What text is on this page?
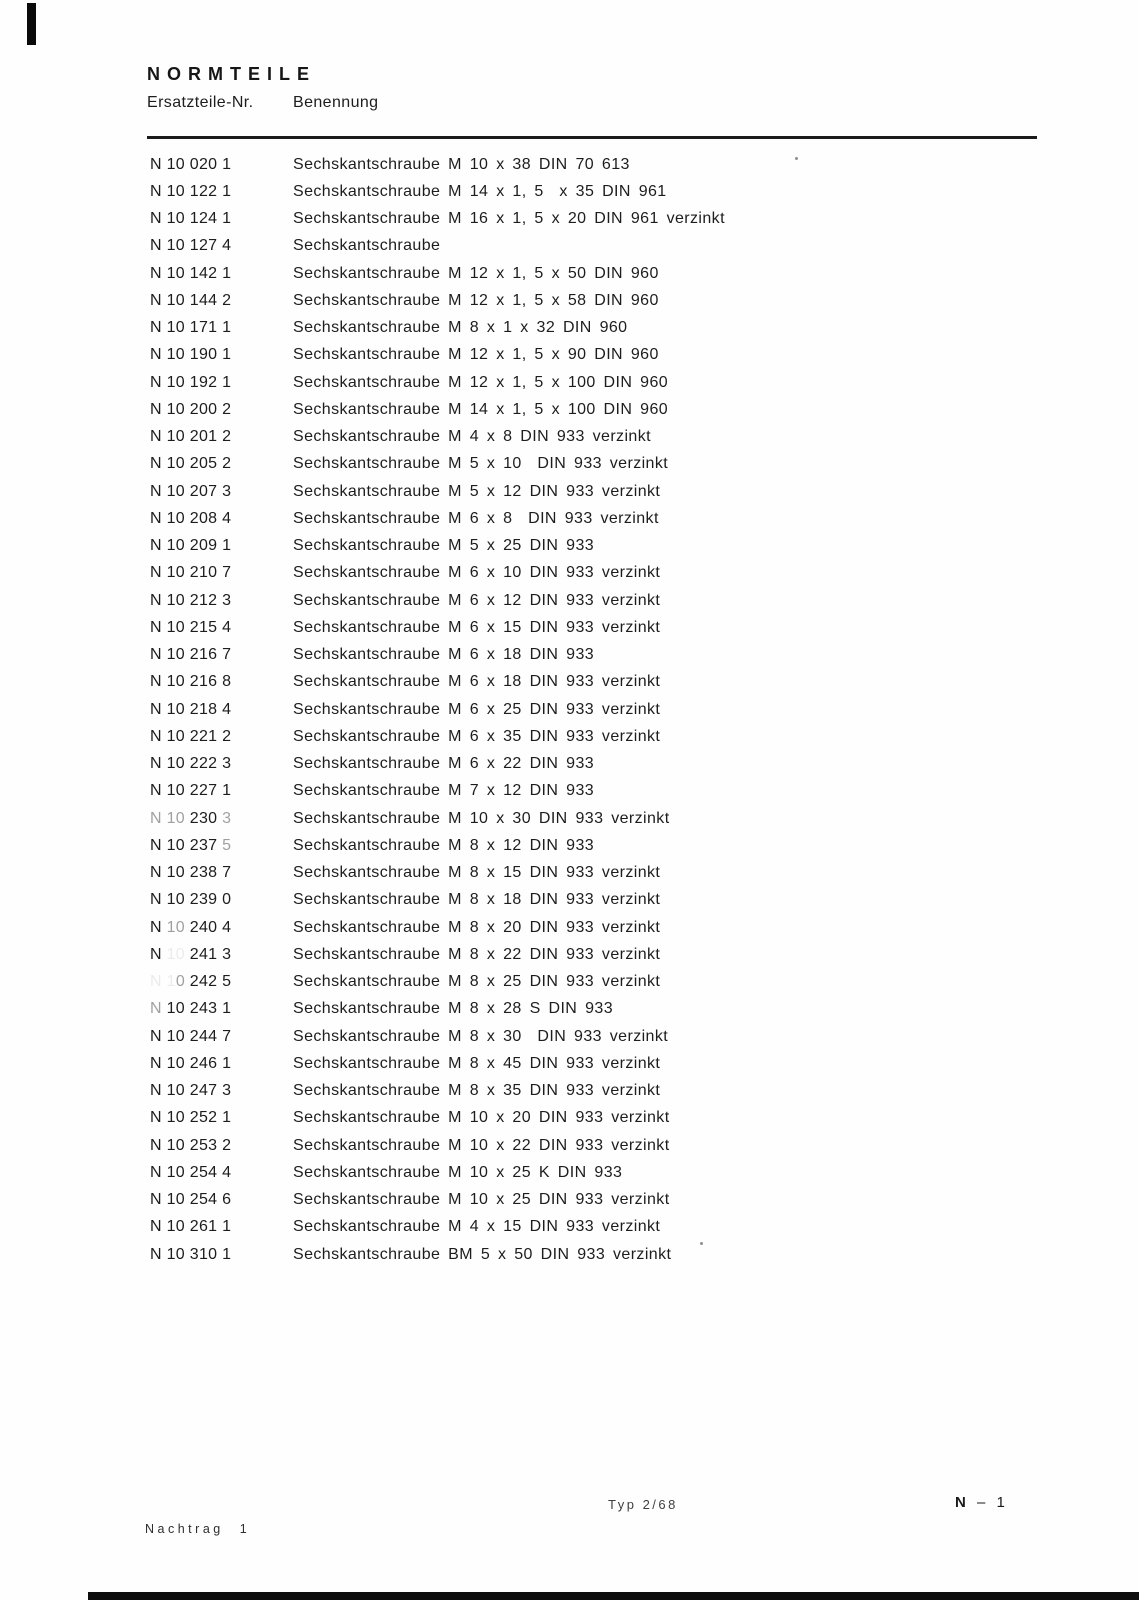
NORMTEILE
Ersatzteile-Nr. Benennung
N 10 020 1	Sechskantschraube M 10 x 38 DIN 70 613
N 10 122 1	Sechskantschraube M 14 x 1, 5  x 35 DIN 961
N 10 124 1	Sechskantschraube M 16 x 1, 5 x 20 DIN 961 verzinkt
N 10 127 4	Sechskantschraube
N 10 142 1	Sechskantschraube M 12 x 1, 5 x 50 DIN 960
N 10 144 2	Sechskantschraube M 12 x 1, 5 x 58 DIN 960
N 10 171 1	Sechskantschraube M 8 x 1 x 32 DIN 960
N 10 190 1	Sechskantschraube M 12 x 1, 5 x 90 DIN 960
N 10 192 1	Sechskantschraube M 12 x 1, 5 x 100 DIN 960
N 10 200 2	Sechskantschraube M 14 x 1, 5 x 100 DIN 960
N 10 201 2	Sechskantschraube M 4 x 8 DIN 933 verzinkt
N 10 205 2	Sechskantschraube M 5 x 10  DIN 933 verzinkt
N 10 207 3	Sechskantschraube M 5 x 12 DIN 933 verzinkt
N 10 208 4	Sechskantschraube M 6 x 8  DIN 933 verzinkt
N 10 209 1	Sechskantschraube M 5 x 25 DIN 933
N 10 210 7	Sechskantschraube M 6 x 10 DIN 933 verzinkt
N 10 212 3	Sechskantschraube M 6 x 12 DIN 933 verzinkt
N 10 215 4	Sechskantschraube M 6 x 15 DIN 933 verzinkt
N 10 216 7	Sechskantschraube M 6 x 18 DIN 933
N 10 216 8	Sechskantschraube M 6 x 18 DIN 933 verzinkt
N 10 218 4	Sechskantschraube M 6 x 25 DIN 933 verzinkt
N 10 221 2	Sechskantschraube M 6 x 35 DIN 933 verzinkt
N 10 222 3	Sechskantschraube M 6 x 22 DIN 933
N 10 227 1	Sechskantschraube M 7 x 12 DIN 933
N 10 230 3	Sechskantschraube M 10 x 30 DIN 933 verzinkt
N 10 237 5	Sechskantschraube M 8 x 12 DIN 933
N 10 238 7	Sechskantschraube M 8 x 15 DIN 933 verzinkt
N 10 239 0	Sechskantschraube M 8 x 18 DIN 933 verzinkt
N 10 240 4	Sechskantschraube M 8 x 20 DIN 933 verzinkt
N 10 241 3	Sechskantschraube M 8 x 22 DIN 933 verzinkt
N 10 242 5	Sechskantschraube M 8 x 25 DIN 933 verzinkt
N 10 243 1	Sechskantschraube M 8 x 28 S DIN 933
N 10 244 7	Sechskantschraube M 8 x 30  DIN 933 verzinkt
N 10 246 1	Sechskantschraube M 8 x 45 DIN 933 verzinkt
N 10 247 3	Sechskantschraube M 8 x 35 DIN 933 verzinkt
N 10 252 1	Sechskantschraube M 10 x 20 DIN 933 verzinkt
N 10 253 2	Sechskantschraube M 10 x 22 DIN 933 verzinkt
N 10 254 4	Sechskantschraube M 10 x 25 K DIN 933
N 10 254 6	Sechskantschraube M 10 x 25 DIN 933 verzinkt
N 10 261 1	Sechskantschraube M 4 x 15 DIN 933 verzinkt
N 10 310 1	Sechskantschraube BM 5 x 50 DIN 933 verzinkt
Typ 2/68	N – 1
Nachtrag 1
